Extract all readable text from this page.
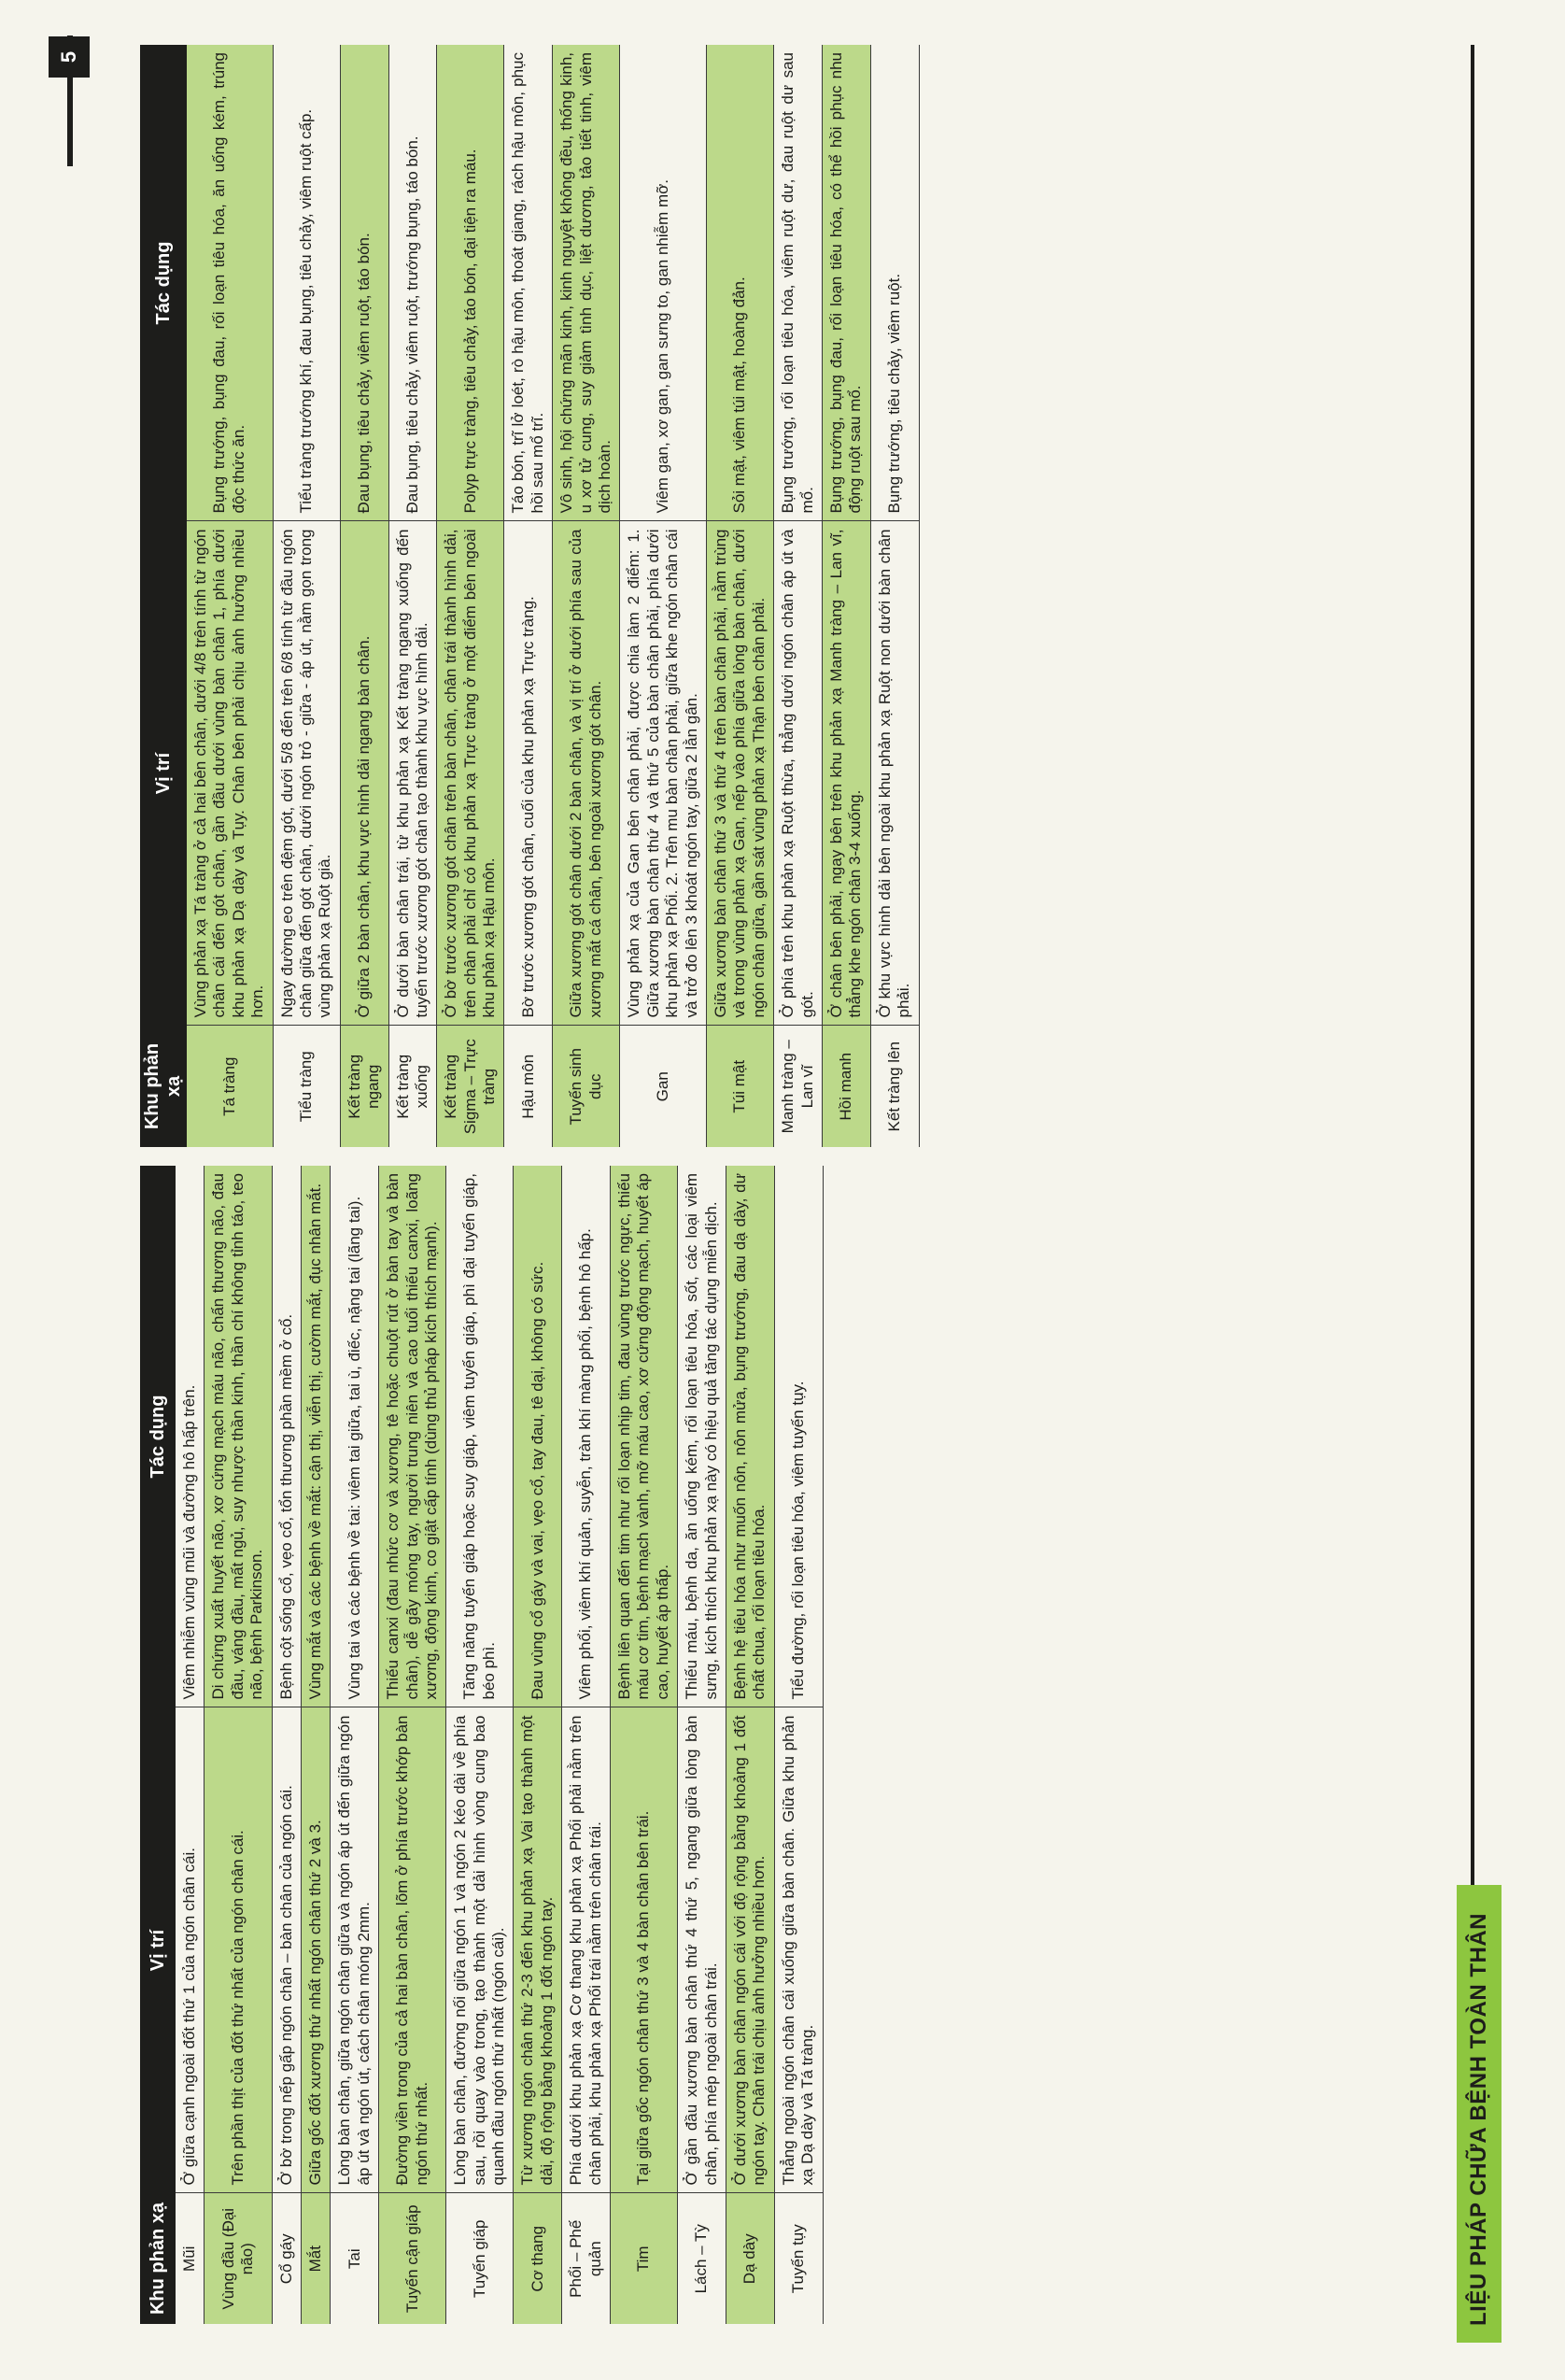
5
Khu phản xạ	Vị trí	Tác dụng
Mũi	Ở giữa cạnh ngoài đốt thứ 1 của ngón chân cái.	Viêm nhiễm vùng mũi và đường hô hấp trên.
Vùng đầu (Đại não)	Trên phần thịt của đốt thứ nhất của ngón chân cái.	Di chứng xuất huyết não, xơ cứng mạch máu não, chấn thương não, đau đầu, váng đầu, mất ngủ, suy nhược thần kinh, thần chí không tỉnh táo, teo não, bệnh Parkinson.
Cổ gáy	Ở bờ trong nếp gấp ngón chân – bàn chân của ngón cái.	Bệnh cột sống cổ, vẹo cổ, tổn thương phần mềm ở cổ.
Mắt	Giữa gốc đốt xương thứ nhất ngón chân thứ 2 và 3.	Vùng mắt và các bệnh về mắt: cận thị, viễn thị, cườm mắt, đục nhân mắt.
Tai	Lòng bàn chân, giữa ngón chân giữa và ngón áp út đến giữa ngón áp út và ngón út, cách chân móng 2mm.	Vùng tai và các bệnh về tai: viêm tai giữa, tai ù, điếc, nặng tai (lãng tai).
Tuyến cận giáp	Đường viền trong của cả hai bàn chân, lõm ở phía trước khớp bàn ngón thứ nhất.	Thiếu canxi (đau nhức cơ và xương, tê hoặc chuột rút ở bàn tay và bàn chân), dễ gãy móng tay, người trung niên và cao tuổi thiếu canxi, loãng xương, động kinh, co giật cấp tính (dùng thủ pháp kích thích mạnh).
Tuyến giáp	Lòng bàn chân, đường nối giữa ngón 1 và ngón 2 kéo dài về phía sau, rồi quay vào trong, tạo thành một dải hình vòng cung bao quanh đầu ngón thứ nhất (ngón cái).	Tăng năng tuyến giáp hoặc suy giáp, viêm tuyến giáp, phì đại tuyến giáp, béo phì.
Cơ thang	Từ xương ngón chân thứ 2-3 đến khu phản xạ Vai tạo thành một dải, độ rộng bằng khoảng 1 đốt ngón tay.	Đau vùng cổ gáy và vai, vẹo cổ, tay đau, tê dại, không có sức.
Phổi – Phế quản	Phía dưới khu phản xạ Cơ thang khu phản xạ Phổi phải nằm trên chân phải, khu phản xạ Phổi trái nằm trên chân trái.	Viêm phổi, viêm khí quản, suyễn, tràn khí màng phổi, bệnh hô hấp.
Tim	Tại giữa gốc ngón chân thứ 3 và 4 bàn chân bên trái.	Bệnh liên quan đến tim như rối loạn nhịp tim, đau vùng trước ngực, thiếu máu cơ tim, bệnh mạch vành, mỡ máu cao, xơ cứng động mạch, huyết áp cao, huyết áp thấp.
Lách – Tỳ	Ở gần đầu xương bàn chân thứ 4 thứ 5, ngang giữa lòng bàn chân, phía mép ngoài chân trái.	Thiếu máu, bệnh da, ăn uống kém, rối loạn tiêu hóa, sốt, các loại viêm sưng, kích thích khu phản xạ này có hiệu quả tăng tác dụng miễn dịch.
Dạ dày	Ở dưới xương bàn chân ngón cái với độ rộng bằng khoảng 1 đốt ngón tay. Chân trái chịu ảnh hưởng nhiều hơn.	Bệnh hệ tiêu hóa như muốn nôn, nôn mửa, bụng trướng, đau dạ dày, dư chất chua, rối loạn tiêu hóa.
Tuyến tụy	Thẳng ngoài ngón chân cái xuống giữa bàn chân. Giữa khu phản xạ Dạ dày và Tá tràng.	Tiểu đường, rối loạn tiêu hóa, viêm tuyến tụy.
Khu phản xạ	Vị trí	Tác dụng
Tá tràng	Vùng phản xạ Tá tràng ở cả hai bên chân, dưới 4/8 trên tính từ ngón chân cái đến gót chân, gần đầu dưới vùng bàn chân 1, phía dưới khu phản xạ Dạ dày và Tụy. Chân bên phải chịu ảnh hưởng nhiều hơn.	Bụng trướng, bụng đau, rối loạn tiêu hóa, ăn uống kém, trúng độc thức ăn.
Tiểu tràng	Ngay đường eo trên đệm gót, dưới 5/8 đến trên 6/8 tính từ đầu ngón chân giữa đến gót chân, dưới ngón trỏ - giữa - áp út, nằm gọn trong vùng phản xạ Ruột già.	Tiểu tràng trướng khí, đau bụng, tiêu chảy, viêm ruột cấp.
Kết tràng ngang	Ở giữa 2 bàn chân, khu vực hình dải ngang bàn chân.	Đau bụng, tiêu chảy, viêm ruột, táo bón.
Kết tràng xuống	Ở dưới bàn chân trái, từ khu phản xạ Kết tràng ngang xuống đến tuyến trước xương gót chân tạo thành khu vực hình dải.	Đau bụng, tiêu chảy, viêm ruột, trướng bụng, táo bón.
Kết tràng Sigma – Trực tràng	Ở bờ trước xương gót chân trên bàn chân, chân trái thành hình dải, trên chân phải chỉ có khu phản xạ Trực tràng ở một điểm bên ngoài khu phản xạ Hậu môn.	Polyp trực tràng, tiêu chảy, táo bón, đại tiện ra máu.
Hậu môn	Bờ trước xương gót chân, cuối của khu phản xạ Trực tràng.	Táo bón, trĩ lở loét, rò hậu môn, thoát giang, rách hậu môn, phục hồi sau mổ trĩ.
Tuyến sinh dục	Giữa xương gót chân dưới 2 bàn chân, và vị trí ở dưới phía sau của xương mắt cá chân, bên ngoài xương gót chân.	Vô sinh, hội chứng mãn kinh, kinh nguyệt không đều, thống kinh, u xơ tử cung, suy giảm tình dục, liệt dương, tảo tiết tinh, viêm dịch hoàn.
Gan	Vùng phản xạ của Gan bên chân phải, được chia làm 2 điểm: 1. Giữa xương bàn chân thứ 4 và thứ 5 của bàn chân phải, phía dưới khu phản xạ Phổi. 2. Trên mu bàn chân phải, giữa khe ngón chân cái và trở đo lên 3 khoát ngón tay, giữa 2 lằn gân.	Viêm gan, xơ gan, gan sưng to, gan nhiễm mỡ.
Túi mật	Giữa xương bàn chân thứ 3 và thứ 4 trên bàn chân phải, nằm trùng và trong vùng phản xạ Gan, nếp vào phía giữa lòng bàn chân, dưới ngón chân giữa, gần sát vùng phản xạ Thận bên chân phải.	Sỏi mật, viêm túi mật, hoàng đản.
Manh tràng – Lan vĩ	Ở phía trên khu phản xạ Ruột thừa, thẳng dưới ngón chân áp út và gót.	Bụng trướng, rối loạn tiêu hóa, viêm ruột dư, đau ruột dư sau mổ.
Hồi manh	Ở chân bên phải, ngay bên trên khu phản xạ Manh tràng – Lan vĩ, thẳng khe ngón chân 3-4 xuống.	Bụng trướng, bụng đau, rối loạn tiêu hóa, có thể hồi phục nhu động ruột sau mổ.
Kết tràng lên	Ở khu vực hình dải bên ngoài khu phản xạ Ruột non dưới bàn chân phải.	Bụng trướng, tiêu chảy, viêm ruột.
LIỆU PHÁP CHỮA BỆNH TOÀN THÂN
